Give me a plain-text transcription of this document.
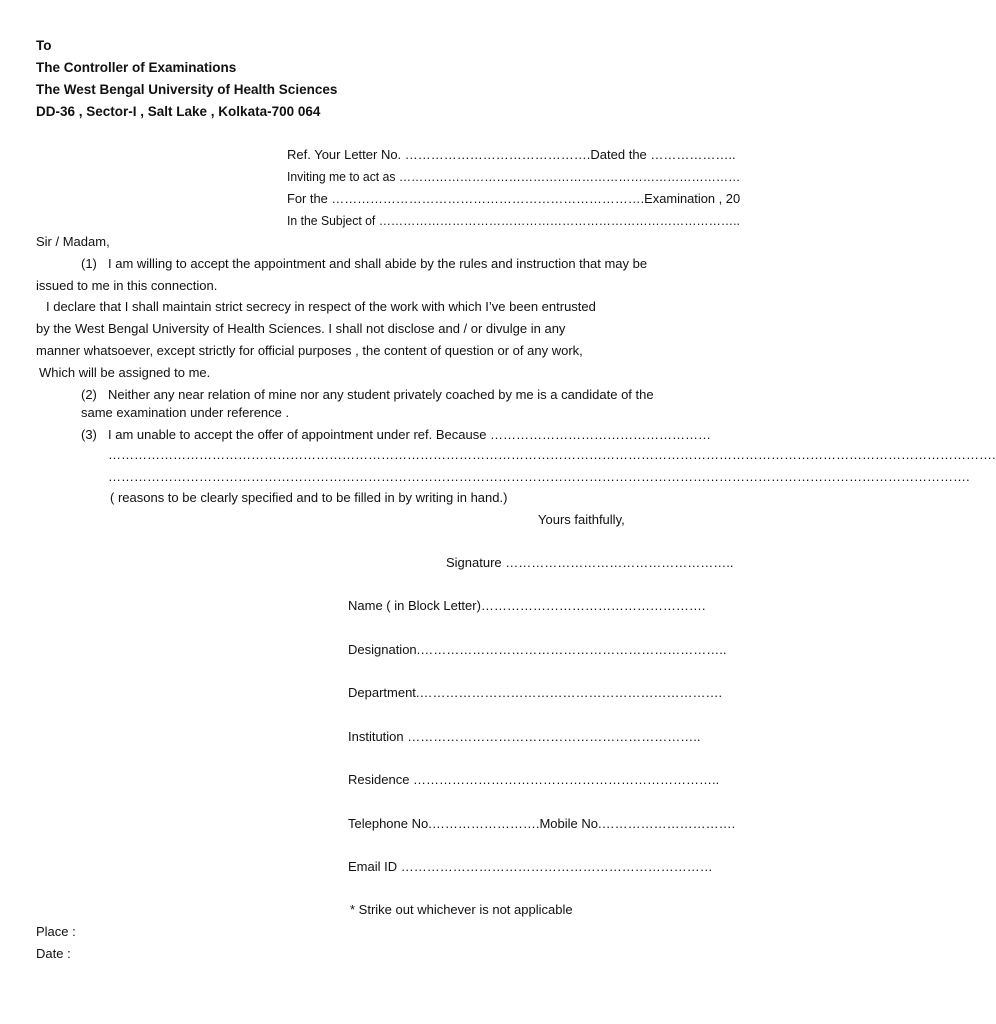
To
The Controller of Examinations
The West Bengal University of Health Sciences
DD-36 , Sector-I , Salt Lake , Kolkata-700 064
Ref. Your Letter No. …………………………………….Dated the ………………..
Inviting me to act as …………………………………………………………………………
For the ……………………………………………………………….Examination , 20
In the Subject of ……………………………………………………………………………..
Sir / Madam,
(1) I am willing to accept the appointment and shall abide by the rules and instruction that may be
issued to me in this connection.
I declare that I shall maintain strict secrecy in respect of the work with which I’ve been entrusted
by the West Bengal University of Health Sciences. I shall not disclose and / or divulge in any
manner whatsoever, except strictly for official purposes , the content of question or of any work,
Which will be assigned to me.
(2) Neither any near relation of mine nor any student privately coached by me is a candidate of the
same examination under reference .
(3) I am unable to accept the offer of appointment under ref. Because ……………………………………………
…………………………………………………………………………………………………………………………………………………………………………………….
……………………………………………………………………………………………………………………………………………………………………………….
( reasons to be clearly specified and to be filled in by writing in hand.)
Yours faithfully,
Signature ……………………………………………..
Name ( in Block Letter)…………………………………………….
Designation.……………………………………………………………..
Department.…………………………………………………………….
Institution …………………………………………………………..
Residence ……………………………………………………………..
Telephone No.…………………….Mobile No.………………………….
Email ID ………………………………………………………………
* Strike out whichever is not applicable
Place :
Date :
